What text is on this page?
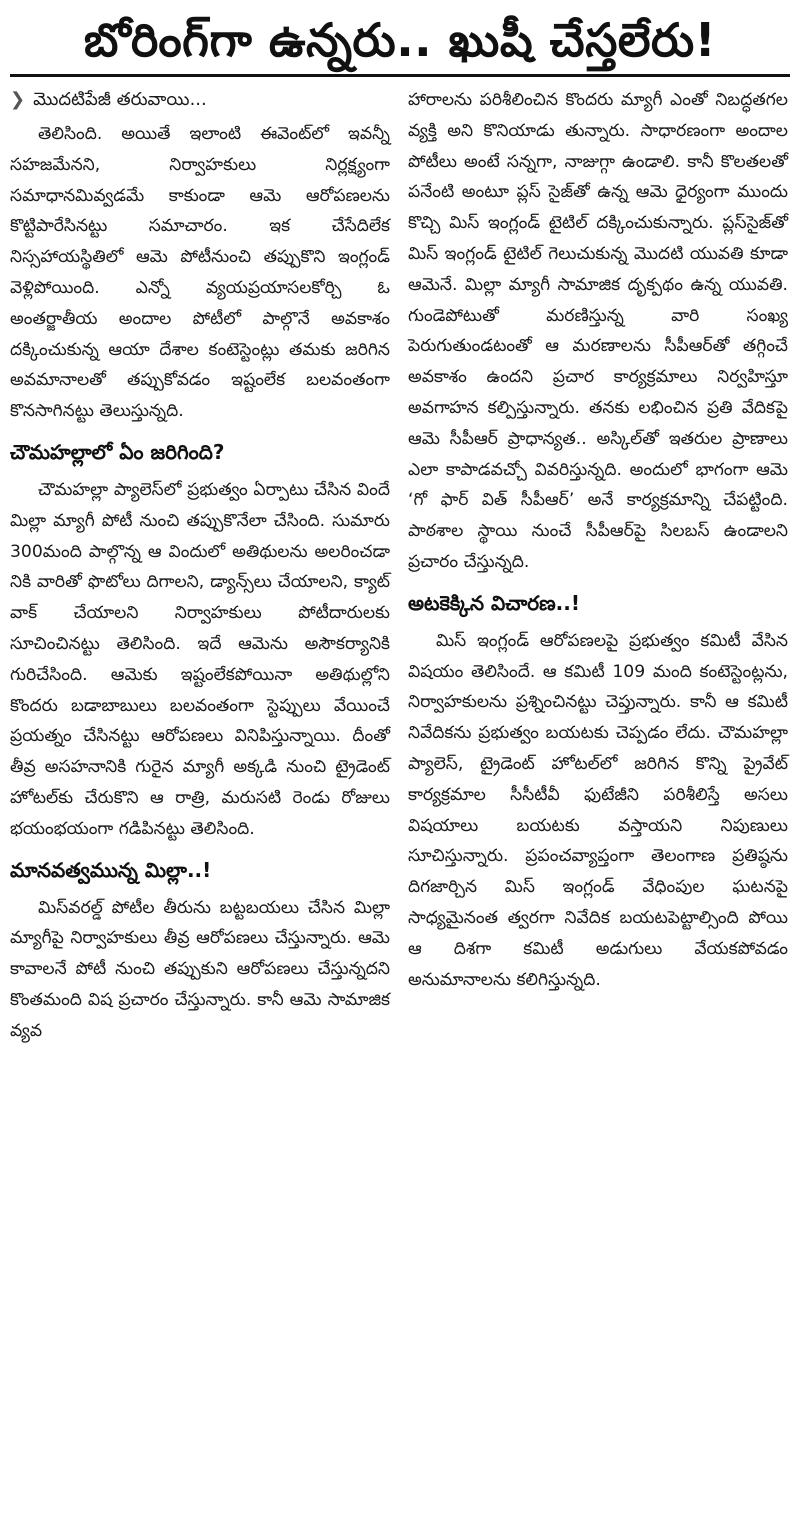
బోరింగ్‌గా ఉన్నరు.. ఖుషీ చేస్తలేరు!
❯ మొదటిపేజీ తరువాయి...

తెలిసింది. అయితే ఇలాంటి ఈవెంట్‌లో ఇవన్నీ సహజమేనని, నిర్వాహకులు నిర్లక్ష్యంగా సమాధానమివ్వడమే కాకుండా ఆమె ఆరోపణలను కొట్టిపారేసినట్టు సమాచారం. ఇక చేసేదిలేక నిస్సహాయస్థితిలో ఆమె పోటీనుంచి తప్పుకొని ఇంగ్లండ్ వెళ్లిపోయింది. ఎన్నో వ్యయప్రయాసలకోర్చి ఓ అంతర్జాతీయ అందాల పోటీలో పాల్గొనే అవకాశం దక్కించుకున్న ఆయా దేశాల కంటెస్టెంట్లు తమకు జరిగిన అవమానాలతో తప్పుకోవడం ఇష్టంలేక బలవంతంగా కొనసాగినట్టు తెలుస్తున్నది.

చౌమహల్లాలో ఏం జరిగింది?

చౌమహల్లా ప్యాలెస్‌లో ప్రభుత్వం ఏర్పాటు చేసిన విందే మిల్లా మ్యాగీ పోటీ నుంచి తప్పుకొనేలా చేసింది. సుమారు 300మంది పాల్గొన్న ఆ విందులో అతిథులను అలరించడా నికి వారితో ఫొటోలు దిగాలని, డ్యాన్స్‌లు చేయాలని, క్యాట్ వాక్ చేయాలని నిర్వాహకులు పోటీదారులకు సూచించినట్టు తెలిసింది. ఇదే ఆమెను అసౌకర్యానికి గురిచేసింది. ఆమెకు ఇష్టంలేకపోయినా అతిథుల్లోని కొందరు బడాబాబులు బలవంతంగా స్టెప్పులు వేయించే ప్రయత్నం చేసినట్టు ఆరోపణలు వినిపిస్తున్నాయి. దీంతో తీవ్ర అసహనానికి గురైన మ్యాగీ అక్కడి నుంచి ట్రైడెంట్ హోటల్‌కు చేరుకొని ఆ రాత్రి, మరుసటి రెండు రోజులు భయంభయంగా గడిపినట్టు తెలిసింది.

మానవత్వమున్న మిల్లా..!

మిస్‌వరల్డ్ పోటీల తీరును బట్టబయలు చేసిన మిల్లా మ్యాగీపై నిర్వాహకులు తీవ్ర ఆరోపణలు చేస్తున్నారు. ఆమె కావాలనే పోటీ నుంచి తప్పుకుని ఆరోపణలు చేస్తున్నదని కొంతమంది విష ప్రచారం చేస్తున్నారు. కానీ ఆమె సామాజిక వ్యవ

హారాలను పరిశీలించిన కొందరు మ్యాగీ ఎంతో నిబద్ధతగల వ్యక్తి అని కొనియాడు తున్నారు. సాధారణంగా అందాల పోటీలు అంటే సన్నగా, నాజుగ్గా ఉండాలి. కానీ కొలతలతో పనేంటి అంటూ ప్లస్ సైజ్‌తో ఉన్న ఆమె ధైర్యంగా ముందు కొచ్చి మిస్ ఇంగ్లండ్ టైటిల్ దక్కించుకున్నారు. ప్లస్‌సైజ్‌తో మిస్ ఇంగ్లండ్ టైటిల్ గెలుచుకున్న మొదటి యువతి కూడా ఆమెనే. మిల్లా మ్యాగీ సామాజిక దృక్పథం ఉన్న యువతి. గుండెపోటుతో మరణిస్తున్న వారి సంఖ్య పెరుగుతుండటంతో ఆ మరణాలను సీపీఆర్‌తో తగ్గించే అవకాశం ఉందని ప్రచార కార్యక్రమాలు నిర్వహిస్తూ అవగాహన కల్పిస్తున్నారు. తనకు లభించిన ప్రతి వేదికపై ఆమె సీపీఆర్ ప్రాధాన్యత.. అస్కిల్‌తో ఇతరుల ప్రాణాలు ఎలా కాపాడవచ్చో వివరిస్తున్నది. అందులో భాగంగా ఆమె ‘గో ఫార్ విత్ సీపీఆర్’ అనే కార్యక్రమాన్ని చేపట్టింది. పాఠశాల స్థాయి నుంచే సీపీఆర్‌పై సిలబస్ ఉండాలని ప్రచారం చేస్తున్నది.

అటకెక్కిన విచారణ..!

మిస్ ఇంగ్లండ్ ఆరోపణలపై ప్రభుత్వం కమిటీ వేసిన విషయం తెలిసిందే. ఆ కమిటీ 109 మంది కంటెస్టెంట్లను, నిర్వాహకులను ప్రశ్నించినట్టు చెప్తున్నారు. కానీ ఆ కమిటీ నివేదికను ప్రభుత్వం బయటకు చెప్పడం లేదు. చౌమహల్లా ప్యాలెస్, ట్రైడెంట్ హోటల్‌లో జరిగిన కొన్ని ప్రైవేట్ కార్యక్రమాల సీసీటీవీ ఫుటేజీని పరిశీలిస్తే అసలు విషయాలు బయటకు వస్తాయని నిపుణులు సూచిస్తున్నారు. ప్రపంచవ్యాప్తంగా తెలంగాణ ప్రతిష్ఠను దిగజార్చిన మిస్ ఇంగ్లండ్ వేధింపుల ఘటనపై సాధ్యమైనంత త్వరగా నివేదిక బయటపెట్టాల్సింది పోయి ఆ దిశగా కమిటీ అడుగులు వేయకపోవడం అనుమానాలను కలిగిస్తున్నది.
